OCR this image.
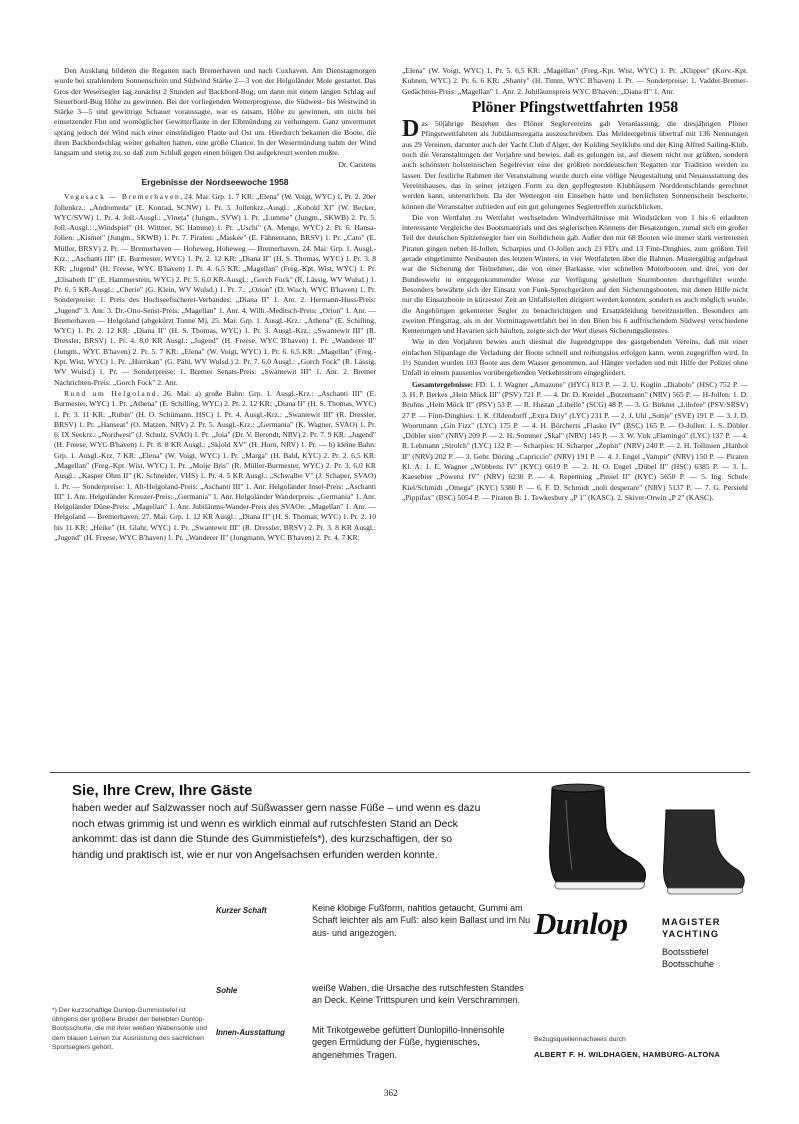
Den Ausklang bildeten die Regatten nach Bremerhaven und nach Cuxhaven. Am Dienstagmorgen wurde bei strahlendem Sonnenschein und Südwind Stärke 2—3 von der Helgoländer Mole gestartet. Das Gros der Wesersegler lag zunächst 2 Stunden auf Backbord-Bug, um dann mit einem langen Schlag auf Steuerbord-Bug Höhe zu gewinnen. Bei der vorliegenden Wetterprognose, die Südwest- bis Westwind in Stärke 3—5 und gewittrige Schauer voraussagte, war es ratsam, Höhe zu gewinnen, um nicht bei einsetzender Flut und womöglicher Gewitterflaute in der Elbmündung zu verhungern. Ganz unvermutet sprang jedoch der Wind nach einer einstündigen Flaute auf Ost um. Hierdurch bekamen die Boote, die ihren Backbordschlag weiter gehalten hatten, eine große Chance. In der Wesermündung nahm der Wind langsam und stetig zu, so daß zum Schluß gegen einen böigen Ost aufgekreuzt werden mußte.

Dr. Carstens
Ergebnisse der Nordseewoche 1958

Vegesack — Bremerhaven, 24. Mai: Grp. 1. 7 KR: „Elena" (W. Voigt, WYC) 1. Pr. 2. 20er Jollenkrz.: „Andromeda" (E. Konrad, SCNW) 1. Pr. 3. Jollenkrz.-Ausgl.: „Kobold XI" (W. Becker, WYC/SVW) 1. Pr. 4. Joll.-Ausgl.: „Vineta" (Jungm., SVW) 1. Pr. „Lumme" (Jungm., SKWB) 2. Pr. 5. Joll.-Ausgl.: „Windspiel" (H. Wittner, SC Hamme) 1. Pr. „Uschi" (A. Menge, WYC) 2. Pr. 6. Hansa-Jollen: „Kismet" (Jungm., SKWB) 1. Pr. 7. Piraten: „Maskee" (E. Fähnemann, BRSV) 1. Pr. „Cato" (E. Müller, BRSV) 2. Pr. — Bremerhaven — Hoheweg, Hoheweg — Bremerhaven, 24. Mai: Grp. 1. Ausgl.-Krz.: „Aschanti III" (E. Burmester, WYC) 1. Pr. 2. 12 KR: „Diana II" (H. S. Thomas, WYC) 1. Pr. 3. 8 KR: „Jugend" (H. Freese, WYC B'haven) 1. Pr. 4. 6,5 KR: „Magellan" (Freg.-Kpt. Wist, WYC) 1. Pr. „Elisabeth II" (E. Hammerstein, WYC) 2. Pr. 5. 6,0 KR-Ausgl.: „Gorch Fock" (R. Lässig, WV Wulsd.) 1. Pr. 6. 5 KR-Ausgl.: „Cherie" (G. Klein, WV Wulsd.) 1. Pr. 7.: „Orion" (D. Wisch, WYC B'haven) 1. Pr. Sonderpreise: 1. Preis des Hochseefischerei-Verbandes: „Diana II" 1. Anr. 2. Hermann-Huss-Preis: „Jugend" 3. Anr. 3. Dr.-Otto-Senst-Preis: „Magellan" 1. Anr. 4. Wilh.-Meditsch-Preis: „Orion" 1. Anr. — Bremerhaven — Helgoland (abgekürzt Tonne M), 25. Mai: Grp. 1. Ausgl.-Krz.: „Athena" (E. Schilling, WYC) 1. Pr. 2. 12 KR: „Diana II" (H. S. Thomas, WYC) 1. Pr. 3. Ausgl.-Krz.: „Swantewit III" (R. Dressler, BRSV) 1. Pr. 4. 8,0 KR Ausgl.: „Jugend" (H. Freese, WYC B'haven) 1. Pr. „Wanderer II" (Jungm., WYC B'haven) 2. Pr. 5. 7 KR: „Elena" (W. Voigt, WYC) 1. Pr. 6. 6,5 KR: „Magellan" (Freg.-Kpt. Wist, WYC) 1. Pr. „Hurrikan" (G. Pähl, WV Wulsd.) 2. Pr. 7. 6,0 Ausgl.: „Gorch Fock" (R. Lässig, WV Wulsd.) 1. Pr. — Sonderpreise: 1. Bremer Senats-Preis: „Swantewit III" 1. Anr. 2. Bremer Nachrichten-Preis: „Gorch Fock" 2. Anr.

Rund um Helgoland, 26. Mai: a) große Bahn: Grp. 1. Ausgl.-Krz.: „Aschanti III" (E. Burmester, WYC) 1. Pr. „Athena" (E. Schilling, WYC) 2. Pr. 2. 12 KR: „Diana II" (H. S. Thomas, WYC) 1. Pr. 3. 11 KR: „Rubin" (H. O. Schümann, HSC) 1. Pr. 4. Ausgl.-Krz.: „Swantewit III" (R. Dressler, BRSV) 1. Pr. „Hanseat" (O. Matzen, NRV) 2. Pr. 5. Ausgl.-Krz.: „Germania" (K. Wagner, SVAO) 1. Pr. 6. IX Seekrz.: „Nordwest" (J. Schulz, SVAO) 1. Pr. „Joia" (Dr. V. Berendt, NRV) 2. Pr. 7. 9 KR: „Jugend" (H. Freese, WYC B'haven) 1. Pr. 8. 8 KR Ausgl.: „Skjold XV" (H. Horn, NRV) 1. Pr. — b) kleine Bahn: Grp. 1. Ausgl.-Krz. 7 KR: „Elena" (W. Voigt, WYC) 1. Pr. „Marga" (H. Bald, KYC) 2. Pr. 2. 6,5 KR: „Magellan" (Freg.-Kpt. Wist, WYC) 1. Pr. „Moije Bris" (R. Müller-Burmester, WYC) 2. Pr. 3. 6,0 KR Ausgl.: „Kasper Ohm II" (K. Schneider, VHS) 1. Pr. 4. 5 KR Ausgl.: „Schwalbe V" (J. Schaper, SVAO) 1. Pr. — Sonderpreise: 1. Alt-Helgoland-Preis: „Aschanti III" 1. Anr. Helgoländer Insel-Preis: „Aschanti III" 1. Anr. Helgoländer Kreuzer-Preis: „Germania" 1. Anr. Helgoländer Wanderpreis: „Germania" 1. Anr. Helgoländer Düne-Preis: „Magellan" 1. Anr. Jubiläums-Wander-Preis des SVAOe: „Magellan" 1. Anr. — Helgoland — Bremerhaven, 27. Mai: Grp. 1. 12 KR Ausgl.: „Diana II" (H. S. Thomas, WYC) 1. Pr. 2. 10 bis 11 KR: „Heike" (H. Glahr, WYC) 1. Pr. „Swantewit III" (R. Dressler, BRSV) 2. Pr. 3. 8 KR Ausgl.: „Jugend" (H. Freese, WYC B'haven) 1. Pr. „Wanderer II" (Jungmann, WYC B'haven) 2. Pr. 4. 7 KR:

„Elena" (W. Voigt, WYC) 1. Pr. 5. 6,5 KR: „Magellan" (Freg.-Kpt. Wist, WYC) 1. Pr. „Klipper" (Korv.-Kpt. Kuhnen, WYC) 2. Pr. 6. 6 KR: „Shanty" (H. Timm, WYC B'haven) 1. Pr. — Sonderpreise: 1. Vadder-Bremer-Gedächtnis-Preis: „Magellan" 1. Anr. 2. Jubiläumspreis WYC B'haven: „Diana II" 1. Anr.

Plöner Pfingstwettfahrten 1958

Das 50jährige Bestehen des Plöner Seglervereins gab Veranlassung, die diesjährigen Plöner Pfingstwettfahrten als Jubiläumsregatta auszuschreiben. Das Meldeergebnis übertraf mit 136 Nennungen aus 29 Vereinen, darunter auch der Yacht Club d'Alger, der Kolding Seylklubs und der King Alfred Sailing-Klub, noch die Veranstaltungen der Vorjahre und bewies, daß es gelungen ist, auf diesem nicht nur größten, sondern auch schönsten holsteinischen Segelrevier eine der größten norddeutschen Regatten zur Tradition werden zu lassen. Der festliche Rahmen der Veranstaltung wurde durch eine völlige Neugestaltung und Neuausstattung des Vereinshauses, das in seiner jetzigen Form zu den gepflegtesten Klubhäusern Norddeutschlands gerechnet werden kann, unterstrichen. Da der Wettergott ein Einsehen hatte und herrlichsten Sonnenschein bescherte, können die Veranstalter zufrieden auf ein gut gelungenes Seglertreffen zurückblicken.

Die von Wettfahrt zu Wettfahrt wechselnden Windverhältnisse mit Windstärken von 1 bis 6 erlaubten interessante Vergleiche des Bootsmaterials und des seglerischen Könnens der Besatzungen, zumal sich ein großer Teil der deutschen Spitzensegler hier ein Stelldichein gab. Außer den mit 68 Booten wie immer stark vertretenen Piraten gingen neben H-Jollen, Scharpies und O-Jollen auch 23 FD's und 13 Finn-Dinghies, zum größten Teil gerade eingetimmte Neubauten des letzten Winters, in vier Wettfahrten über die Bahnen. Mustergültig aufgebaut war die Sicherung der Teilnehmer, die von einer Barkasse, vier schnellen Motorbooten und drei, von der Bundeswehr in entgegenkommender Weise zur Verfügung gestellten Sturmbooten durchgeführt wurde. Besonders bewährte sich der Einsatz von Funk-Sprechgeräten auf den Sicherungsbooten, mit denen Hilfe nicht nur die Einsatzboote in kürzester Zeit an Unfallstellen dirigiert werden konnten, sondern es auch möglich wurde, die Angehörigen gekenterter Segler zu benachrichtigen und Ersatzkleidung bereitzustellen. Besonders am zweiten Pfingsttag, als in der Vormittagswettfahrt bei in den Böen bis 6 auffrischendem Südwest verschiedene Kenterungen und Havarien sich häuften, zeigte sich der Wert dieses Sicherungsdienstes.

Wie in den Vorjahren bewies auch diesmal die Jugendgruppe des gastgebenden Vereins, daß mit einer einfachen Slipanlage die Verladung der Boote schnell und reibungslos erfolgen kann, wenn zugegriffen wird. In 1½ Stunden wurden 103 Boote aus dem Wasser genommen, auf Hänger verladen und mit Hilfe der Polizei ohne Unfall in einem pausenlos vorübergehenden Verkehrsstrom eingegliedert.

Gesamtergebnisse: FD: 1. J. Wagner „Amazone" (HYC) 813 P. — 2. U. Koglin „Diabolo" (HSC) 752 P. — 3. H. P. Berkes „Hein Mück III" (PSV) 721 P. — 4. Dr. D. Kreidel „Butzemann" (NRV) 565 P. — H-Jollen: 1. D. Bruhns „Hein Mück II" (PSV) 53 P. — R. Hustan „Libelle" (SCG) 48 P. — 3. G. Birkner „Lilofee" (PSV/SRSV) 27 P. — Finn-Dinghies: 1. K. Oldendorff „Extra Driy" (LYC) 231 P. — 2. J. Uhl „Sottje" (SVE) 191 P. — 3. J. D. Woortmann „Gin Fizz" (LYC) 175 P. — 4. H. Börcherts „Fiasko IV" (BSC) 165 P. — O-Jollen: 1. S. Döbler „Döbler sien" (NRV) 209 P. — 2. H. Sommer „Skal" (NRV) 145 P. — 3. W. Virk „Flamingo" (LYC) 137 P. — 4. R. Lehmann „Strolch" (LYC) 132 P. — Scharpies: H. Scharper „Zephir" (NRV) 240 P. — 2. H. Tollmien „Hanhol II" (NRV) 202 P. — 3. Gebr. Döring „Capriccio" (NRV) 191 P. — 4. J. Engel „Vampir" (NRV) 150 P. — Piraten Kl. A: 1. E. Wagner „Wöbbens IV" (KYC) 6619 P. — 2. H. O. Engel „Dübel II" (HSC) 6385 P. — 3. L. Kaesebier „Powenz IV" (NRV) 6230 P. — 4. Repenning „Pinsel II" (KYC) 5650 P. — 5. Ing. Schule Kiel/Schmidt „Omega" (KYC) 5380 P. — 6. F. D. Schmidt „noli desperare" (NRV) 5137 P. — 7. G. Persiehl „Pippifax" (BSC) 5054 P. — Piraten B: 1. Tewkesbury „P 1" (KASC). 2. Skiver-Orwin „P 2" (KASC).

Sie, Ihre Crew, Ihre Gäste
haben weder auf Salzwasser noch auf Süßwasser gern nasse Füße – und wenn es dazu noch etwas grimmig ist und wenn es wirklich einmal auf rutschfesten Stand an Deck ankommt: das ist dann die Stunde des Gummistiefels*), des kurzschaftigen, der so handig und praktisch ist, wie er nur von Angelsachsen erfunden werden konnte.
Kurzer Schaft	Keine klobige Fußform, nahtlos getaucht, Gummi am Schaft leichter als am Fuß: also kein Ballast und im Nu aus- und angezogen.
Sohle	weiße Waben, die Ursache des rutschfesten Standes an Deck. Keine Trittspuren und kein Verschrammen.
Innen-Ausstattung	Mit Trikotgewebe gefüttert Dunlopillo-Innensohle gegen Ermüdung der Füße, hygienisches, angenehmes Tragen.
*) Der kurzschaftige Dunlop-Gummistiefel ist übrigens der größere Bruder der beliebten Dunlop-Bootsschuhe, die mit ihrer weißen Wabensohle und dem blauen Leinen zur Ausrüstung des sachlichen Sportseglers gehört.
Dunlop	MAGISTER
YACHTING
Bootsstiefel
Bootsschuhe
Bezugsquellennachweis durch
ALBERT F. H. WILDHAGEN, HAMBURG-ALTONA
362
